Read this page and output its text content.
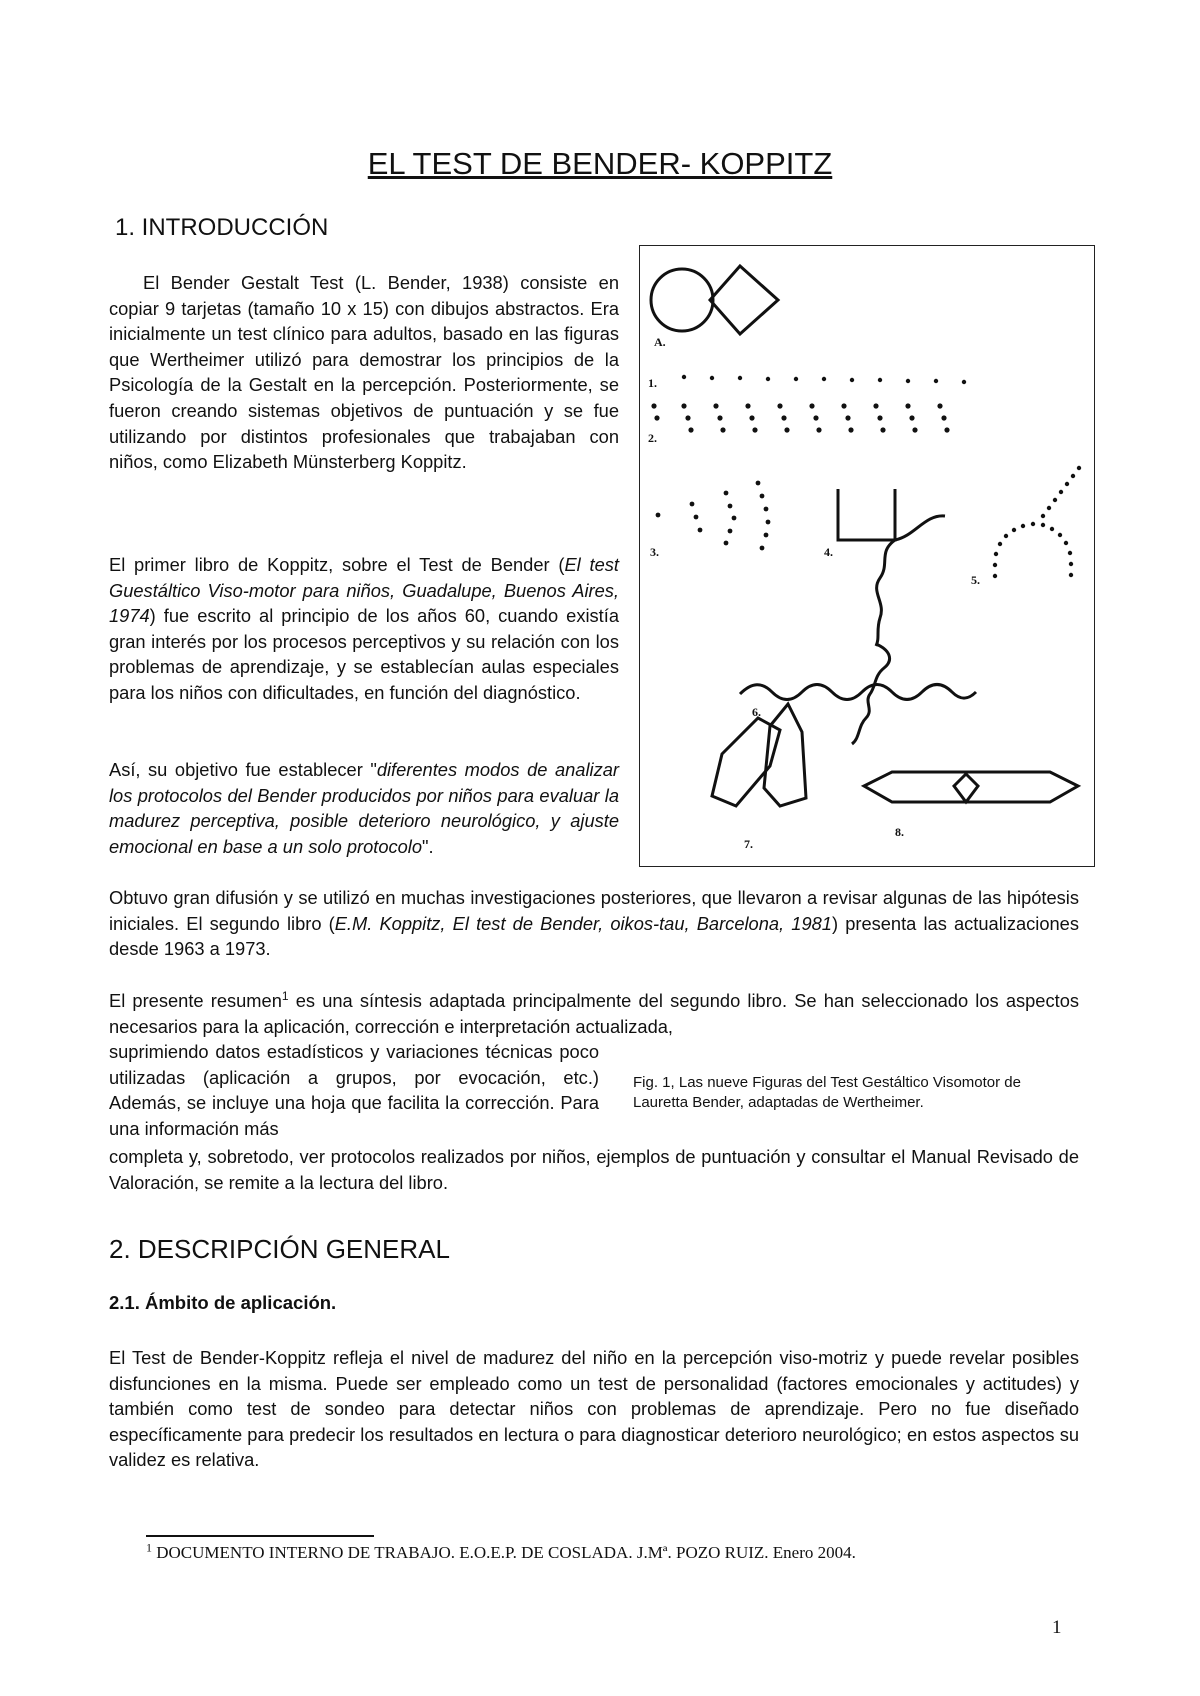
EL TEST DE BENDER- KOPPITZ
1. INTRODUCCIÓN

El Bender Gestalt Test (L. Bender, 1938) consiste en copiar 9 tarjetas (tamaño 10 x 15) con dibujos abstractos. Era inicialmente un test clínico para adultos, basado en las figuras que Wertheimer utilizó para demostrar los principios de la Psicología de la Gestalt en la percepción. Posteriormente, se fueron creando sistemas objetivos de puntuación y se fue utilizando por distintos profesionales que trabajaban con niños, como Elizabeth Münsterberg Koppitz.

El primer libro de Koppitz, sobre el Test de Bender (El test Guestáltico Viso-motor para niños, Guadalupe, Buenos Aires, 1974) fue escrito al principio de los años 60, cuando existía gran interés por los procesos perceptivos y su relación con los problemas de aprendizaje, y se establecían aulas especiales para los niños con dificultades, en función del diagnóstico.

Así, su objetivo fue establecer "diferentes modos de analizar los protocolos del Bender producidos por niños para evaluar la madurez perceptiva, posible deterioro neurológico, y ajuste emocional en base a un solo protocolo".

Obtuvo gran difusión y se utilizó en muchas investigaciones posteriores, que llevaron a revisar algunas de las hipótesis iniciales. El segundo libro (E.M. Koppitz, El test de Bender, oikos-tau, Barcelona, 1981) presenta las actualizaciones desde 1963 a 1973.

El presente resumen$^1$ es una síntesis adaptada principalmente del segundo libro. Se han seleccionado los aspectos necesarios para la aplicación, corrección e interpretación actualizada,

suprimiendo datos estadísticos y variaciones técnicas poco utilizadas (aplicación a grupos, por evocación, etc.) Además, se incluye una hoja que facilita la corrección. Para una información más

completa y, sobretodo, ver protocolos realizados por niños, ejemplos de puntuación y consultar el Manual Revisado de Valoración, se remite a la lectura del libro.

A.
1.
2.
3.	4.
5.
6.
7.
8.

Fig. 1, Las nueve Figuras del Test Gestáltico Visomotor de Lauretta Bender, adaptadas de Wertheimer.

2. DESCRIPCIÓN GENERAL
2.1. Ámbito de aplicación.

El Test de Bender-Koppitz refleja el nivel de madurez del niño en la percepción viso-motriz y puede revelar posibles disfunciones en la misma. Puede ser empleado como un test de personalidad (factores emocionales y actitudes) y también como test de sondeo para detectar niños con problemas de aprendizaje. Pero no fue diseñado específicamente para predecir los resultados en lectura o para diagnosticar deterioro neurológico; en estos aspectos su validez es relativa.

$^1$ DOCUMENTO INTERNO DE TRABAJO. E.O.E.P. DE COSLADA. J.Mª. POZO RUIZ. Enero 2004.

1
